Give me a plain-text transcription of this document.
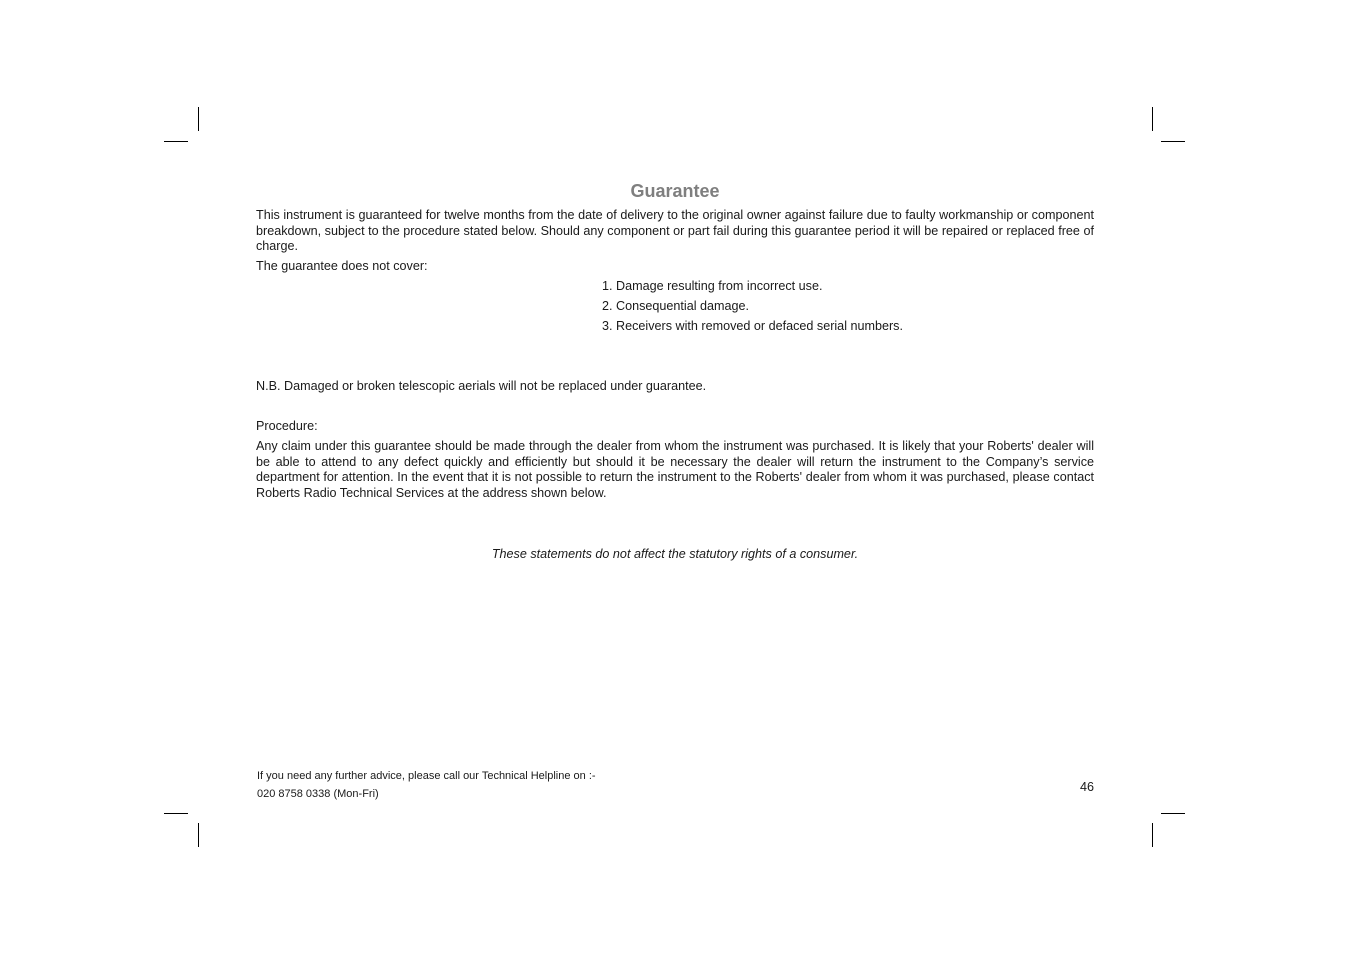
Guarantee

This instrument is guaranteed for twelve months from the date of delivery to the original owner against failure due to faulty workmanship or component breakdown, subject to the procedure stated below. Should any component or part fail during this guarantee period it will be repaired or replaced free of charge.

The guarantee does not cover:

1. Damage resulting from incorrect use.
2. Consequential damage.
3. Receivers with removed or defaced serial numbers.

N.B. Damaged or broken telescopic aerials will not be replaced under guarantee.

Procedure:

Any claim under this guarantee should be made through the dealer from whom the instrument was purchased. It is likely that your Roberts' dealer will be able to attend to any defect quickly and efficiently but should it be necessary the dealer will return the instrument to the Company’s service department for attention. In the event that it is not possible to return the instrument to the Roberts' dealer from whom it was purchased, please contact Roberts Radio Technical Services at the address shown below.

These statements do not affect the statutory rights of a consumer.

If you need any further advice, please call our Technical Helpline on :-

020 8758 0338 (Mon-Fri)	46
